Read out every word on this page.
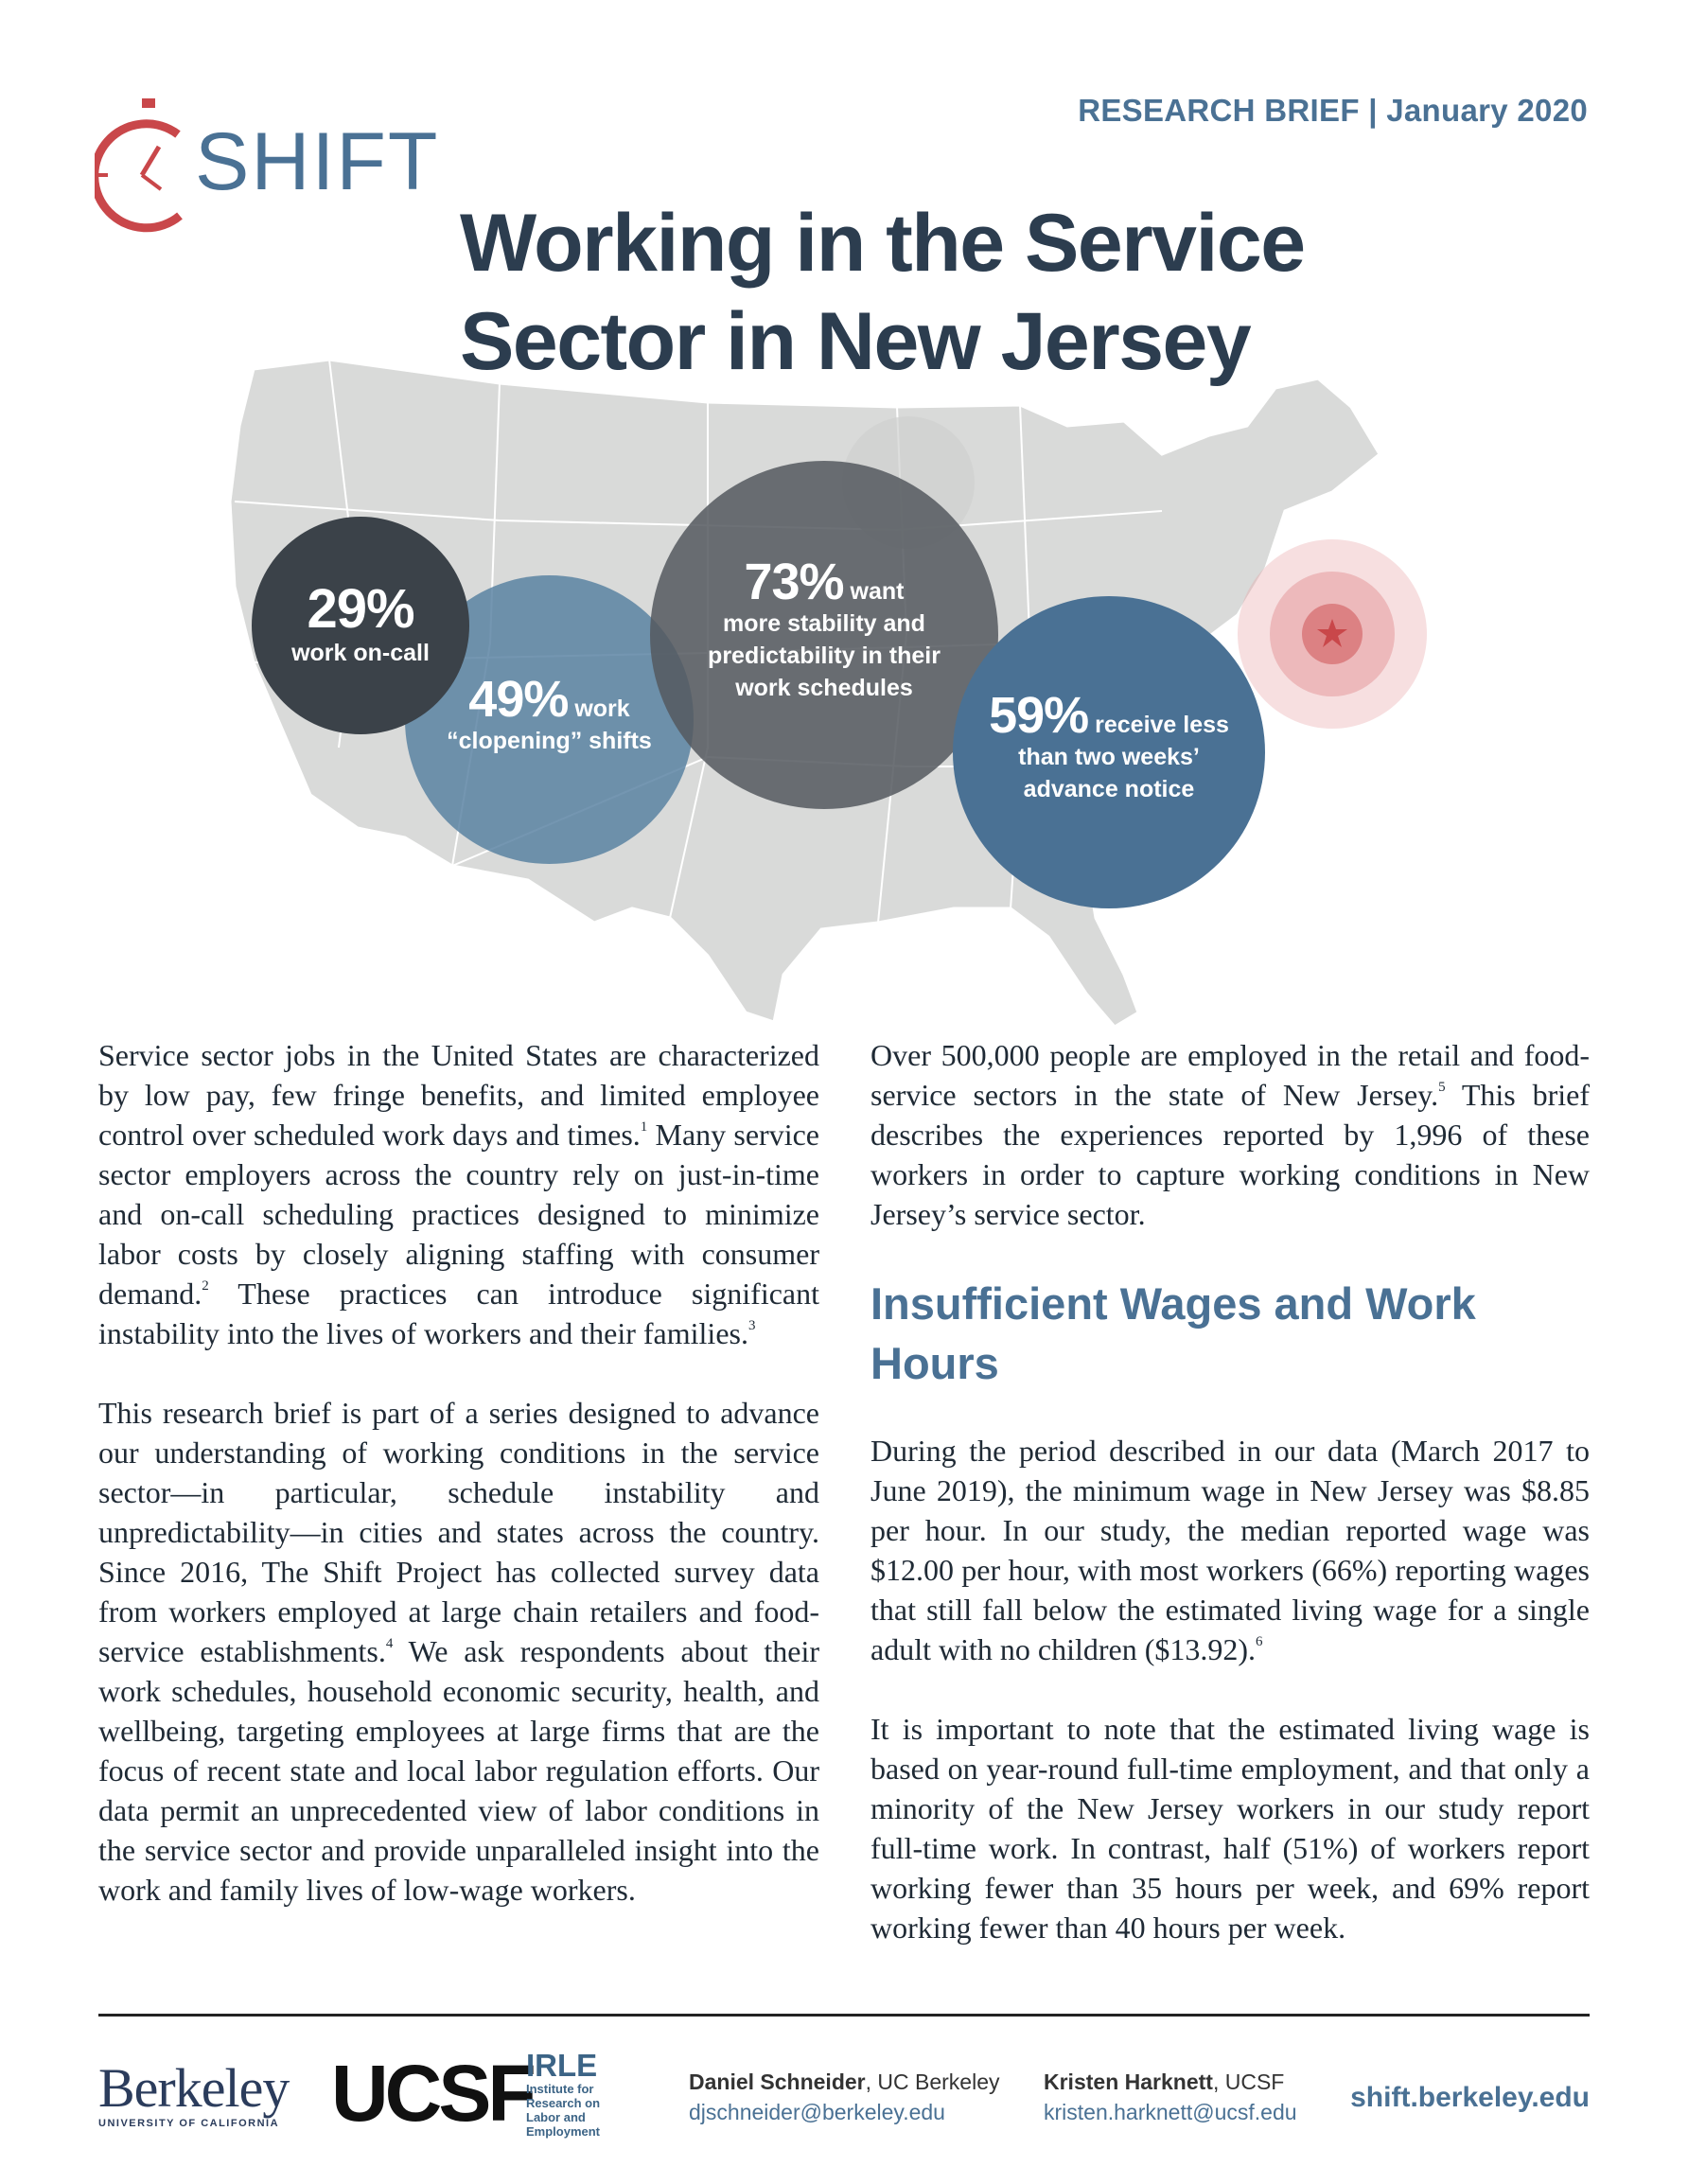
RESEARCH BRIEF | January 2020
SHIFT
Working in the Service
Sector in New Jersey
49% work
“clopening” shifts
29%
work on-call
73% want
more stability and predictability in their work schedules	59% receive less
than two weeks’ advance notice

Service sector jobs in the United States are characterized by low pay, few fringe benefits, and limited employee control over scheduled work days and times.$^1$ Many service sector employers across the country rely on just-in-time and on-call scheduling practices designed to minimize labor costs by closely aligning staffing with consumer demand.$^2$ These practices can introduce significant instability into the lives of workers and their families.$^3$

This research brief is part of a series designed to advance our understanding of working conditions in the service sector—in particular, schedule instability and unpredictability—in cities and states across the country. Since 2016, The Shift Project has collected survey data from workers employed at large chain retailers and food-service establishments.$^4$ We ask respondents about their work schedules, household economic security, health, and wellbeing, targeting employees at large firms that are the focus of recent state and local labor regulation efforts. Our data permit an unprecedented view of labor conditions in the service sector and provide unparalleled insight into the work and family lives of low-wage workers.

Over 500,000 people are employed in the retail and food-service sectors in the state of New Jersey.$^5$ This brief describes the experiences reported by 1,996 of these workers in order to capture working conditions in New Jersey’s service sector.

Insufficient Wages and Work Hours

During the period described in our data (March 2017 to June 2019), the minimum wage in New Jersey was $8.85 per hour. In our study, the median reported wage was $12.00 per hour, with most workers (66%) reporting wages that still fall below the estimated living wage for a single adult with no children ($13.92).$^6$

It is important to note that the estimated living wage is based on year-round full-time employment, and that only a minority of the New Jersey workers in our study report full-time work. In contrast, half (51%) of workers report working fewer than 35 hours per week, and 69% report working fewer than 40 hours per week.

Berkeley
UNIVERSITY OF CALIFORNIA UCSF
IRLE
Institute for
Research on
Labor and
Employment
Daniel Schneider, UC Berkeley
djschneider@berkeley.edu
Kristen Harknett, UCSF
kristen.harknett@ucsf.edu shift.berkeley.edu
